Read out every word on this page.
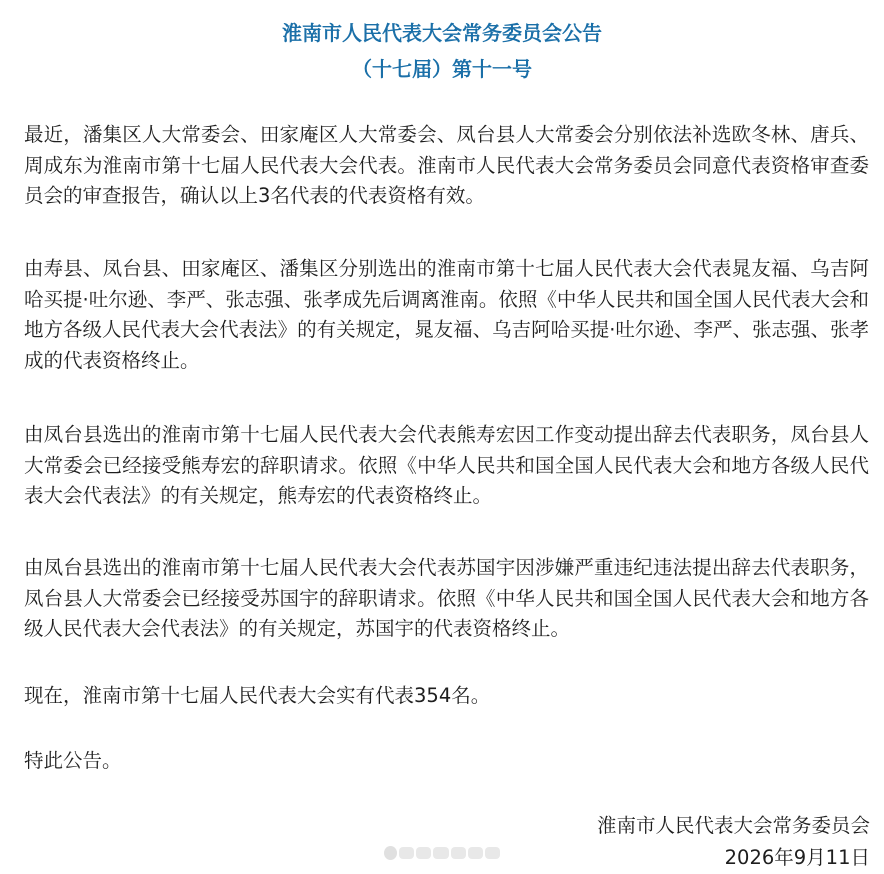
淮南市人民代表大会常务委员会公告
（十七届）第十一号

最近，潘集区人大常委会、田家庵区人大常委会、凤台县人大常委会分别依法补选欧冬林、唐兵、周成东为淮南市第十七届人民代表大会代表。淮南市人民代表大会常务委员会同意代表资格审查委员会的审查报告，确认以上3名代表的代表资格有效。

由寿县、凤台县、田家庵区、潘集区分别选出的淮南市第十七届人民代表大会代表晁友福、乌吉阿哈买提·吐尔逊、李严、张志强、张孝成先后调离淮南。依照《中华人民共和国全国人民代表大会和地方各级人民代表大会代表法》的有关规定，晁友福、乌吉阿哈买提·吐尔逊、李严、张志强、张孝成的代表资格终止。

由凤台县选出的淮南市第十七届人民代表大会代表熊寿宏因工作变动提出辞去代表职务，凤台县人大常委会已经接受熊寿宏的辞职请求。依照《中华人民共和国全国人民代表大会和地方各级人民代表大会代表法》的有关规定，熊寿宏的代表资格终止。

由凤台县选出的淮南市第十七届人民代表大会代表苏国宇因涉嫌严重违纪违法提出辞去代表职务，凤台县人大常委会已经接受苏国宇的辞职请求。依照《中华人民共和国全国人民代表大会和地方各级人民代表大会代表法》的有关规定，苏国宇的代表资格终止。

现在，淮南市第十七届人民代表大会实有代表354名。

特此公告。

淮南市人民代表大会常务委员会
2026年9月11日
